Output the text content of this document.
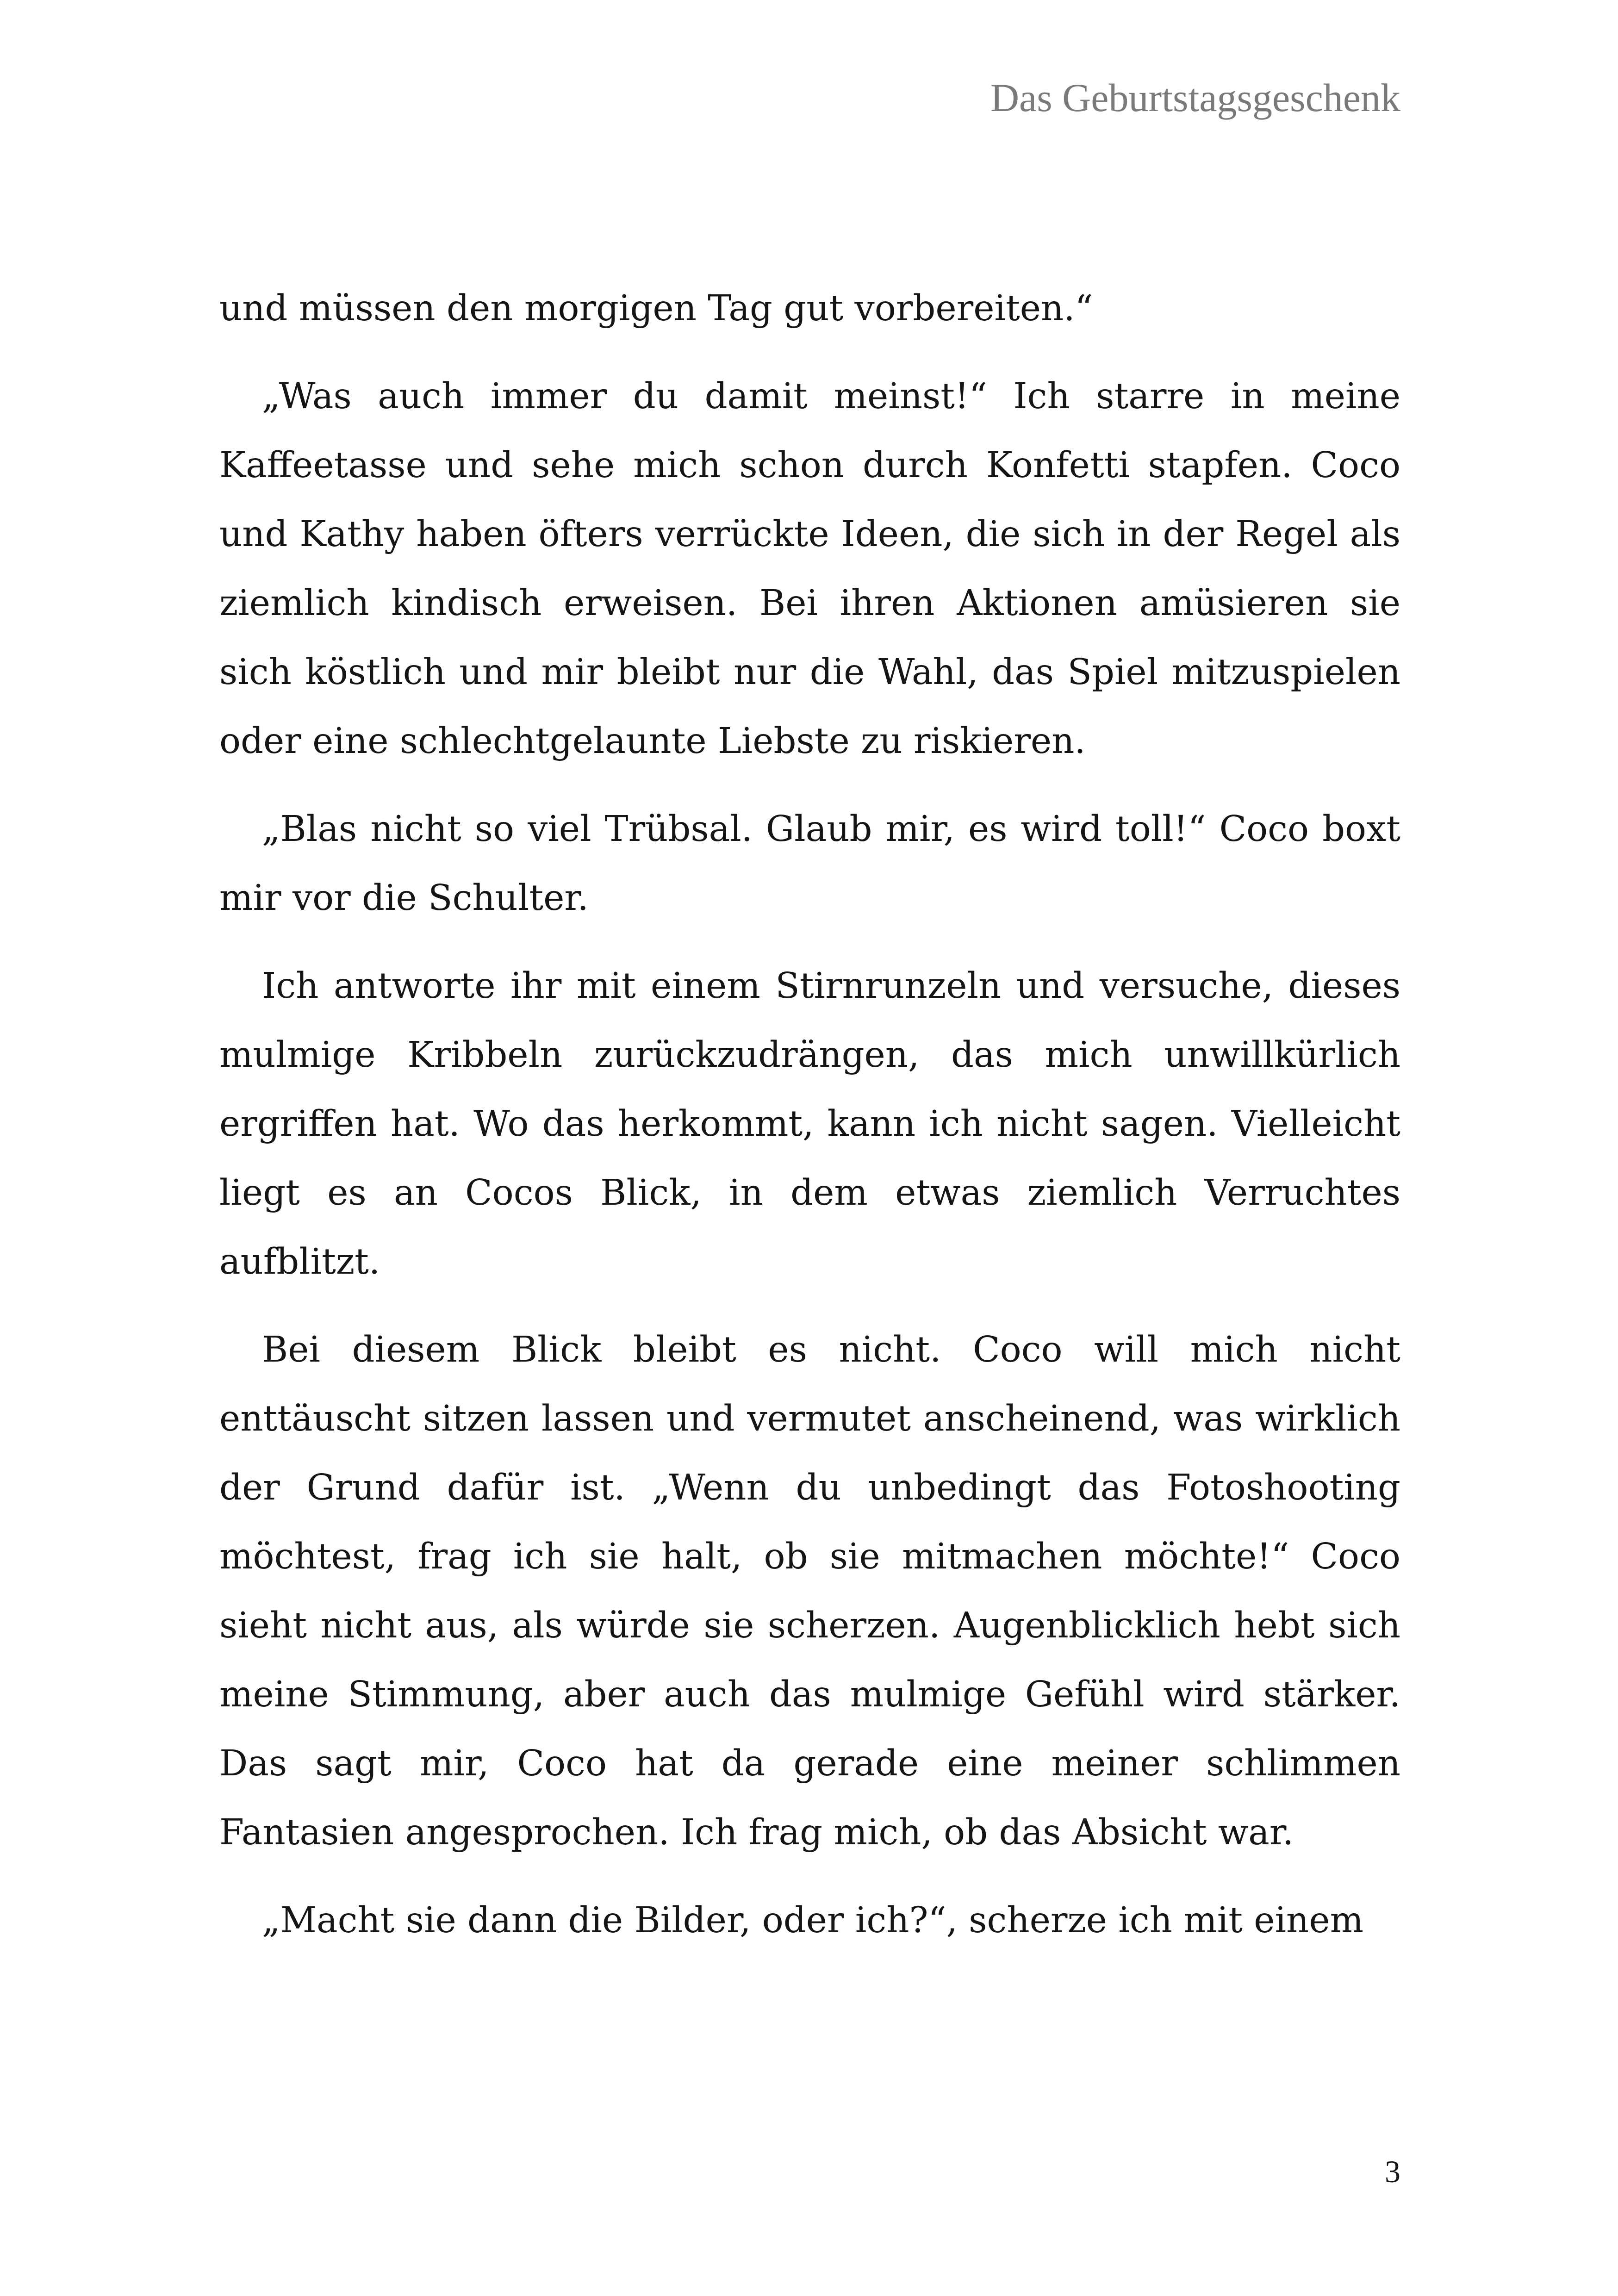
Das Geburtstagsgeschenk

und müssen den morgigen Tag gut vorbereiten.“

„Was auch immer du damit meinst!“ Ich starre in meine Kaffeetasse und sehe mich schon durch Konfetti stapfen. Coco und Kathy haben öfters verrückte Ideen, die sich in der Regel als ziemlich kindisch erweisen. Bei ihren Aktionen amüsieren sie sich köstlich und mir bleibt nur die Wahl, das Spiel mitzuspielen oder eine schlechtgelaunte Liebste zu riskieren.

„Blas nicht so viel Trübsal. Glaub mir, es wird toll!“ Coco boxt mir vor die Schulter.

Ich antworte ihr mit einem Stirnrunzeln und versuche, dieses mulmige Kribbeln zurückzudrängen, das mich unwillkürlich ergriffen hat. Wo das herkommt, kann ich nicht sagen. Vielleicht liegt es an Cocos Blick, in dem etwas ziemlich Verruchtes aufblitzt.

Bei diesem Blick bleibt es nicht. Coco will mich nicht enttäuscht sitzen lassen und vermutet anscheinend, was wirklich der Grund dafür ist. „Wenn du unbedingt das Fotoshooting möchtest, frag ich sie halt, ob sie mitmachen möchte!“ Coco sieht nicht aus, als würde sie scherzen. Augenblicklich hebt sich meine Stimmung, aber auch das mulmige Gefühl wird stärker. Das sagt mir, Coco hat da gerade eine meiner schlimmen Fantasien angesprochen. Ich frag mich, ob das Absicht war.

„Macht sie dann die Bilder, oder ich?“, scherze ich mit einem

3
